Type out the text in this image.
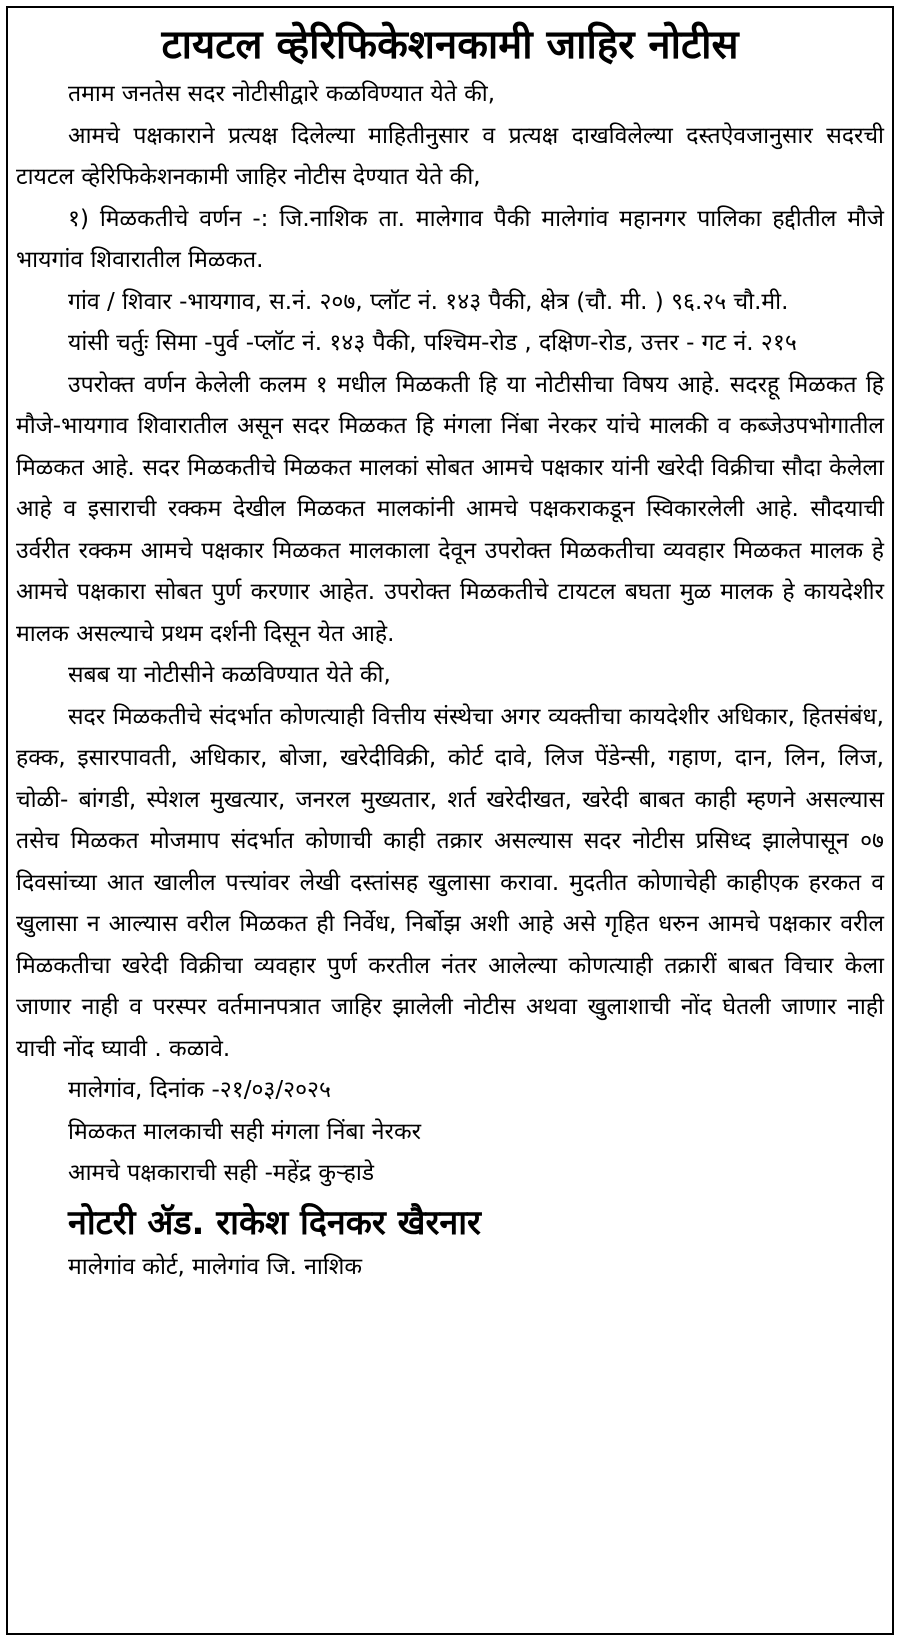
टायटल व्हेरिफिकेशनकामी जाहिर नोटीस

तमाम जनतेस सदर नोटीसीद्वारे कळविण्यात येते की,

आमचे पक्षकाराने प्रत्यक्ष दिलेल्या माहितीनुसार व प्रत्यक्ष दाखविलेल्या दस्तऐवजानुसार सदरची टायटल व्हेरिफिकेशनकामी जाहिर नोटीस देण्यात येते की,

१) मिळकतीचे वर्णन -: जि.नाशिक ता. मालेगाव पैकी मालेगांव महानगर पालिका हद्दीतील मौजे भायगांव शिवारातील मिळकत.

गांव / शिवार -भायगाव, स.नं. २०७, प्लॉट नं. १४३ पैकी, क्षेत्र (चौ. मी. ) ९६.२५ चौ.मी.

यांसी चर्तुः सिमा -पुर्व -प्लॉट नं. १४३ पैकी, पश्चिम-रोड , दक्षिण-रोड, उत्तर - गट नं. २१५

उपरोक्त वर्णन केलेली कलम १ मधील मिळकती हि या नोटीसीचा विषय आहे. सदरहू मिळकत हि मौजे-भायगाव शिवारातील असून सदर मिळकत हि मंगला निंबा नेरकर यांचे मालकी व कब्जेउपभोगातील मिळकत आहे. सदर मिळकतीचे मिळकत मालकां सोबत आमचे पक्षकार यांनी खरेदी विक्रीचा सौदा केलेला आहे व इसाराची रक्कम देखील मिळकत मालकांनी आमचे पक्षकराकडून स्विकारलेली आहे. सौदयाची उर्वरीत रक्कम आमचे पक्षकार मिळकत मालकाला देवून उपरोक्त मिळकतीचा व्यवहार मिळकत मालक हे आमचे पक्षकारा सोबत पुर्ण करणार आहेत. उपरोक्त मिळकतीचे टायटल बघता मुळ मालक हे कायदेशीर मालक असल्याचे प्रथम दर्शनी दिसून येत आहे.

सबब या नोटीसीने कळविण्यात येते की,

सदर मिळकतीचे संदर्भात कोणत्याही वित्तीय संस्थेचा अगर व्यक्तीचा कायदेशीर अधिकार, हितसंबंध, हक्क, इसारपावती, अधिकार, बोजा, खरेदीविक्री, कोर्ट दावे, लिज पेंडेन्सी, गहाण, दान, लिन, लिज, चोळी- बांगडी, स्पेशल मुखत्यार, जनरल मुख्यतार, शर्त खरेदीखत, खरेदी बाबत काही म्हणने असल्यास तसेच मिळकत मोजमाप संदर्भात कोणाची काही तक्रार असल्यास सदर नोटीस प्रसिध्द झालेपासून ०७ दिवसांच्या आत खालील पत्त्यांवर लेखी दस्तांसह खुलासा करावा. मुदतीत कोणाचेही काहीएक हरकत व खुलासा न आल्यास वरील मिळकत ही निर्वेध, निर्बोझ अशी आहे असे गृहित धरुन आमचे पक्षकार वरील मिळकतीचा खरेदी विक्रीचा व्यवहार पुर्ण करतील नंतर आलेल्या कोणत्याही तक्रारीं बाबत विचार केला जाणार नाही व परस्पर वर्तमानपत्रात जाहिर झालेली नोटीस अथवा खुलाशाची नोंद घेतली जाणार नाही याची नोंद घ्यावी . कळावे.

मालेगांव, दिनांक -२१/०३/२०२५

मिळकत मालकाची सही मंगला निंबा नेरकर

आमचे पक्षकाराची सही -महेंद्र कुऱ्हाडे

नोटरी ॲड. राकेश दिनकर खैरनार
मालेगांव कोर्ट, मालेगांव जि. नाशिक
